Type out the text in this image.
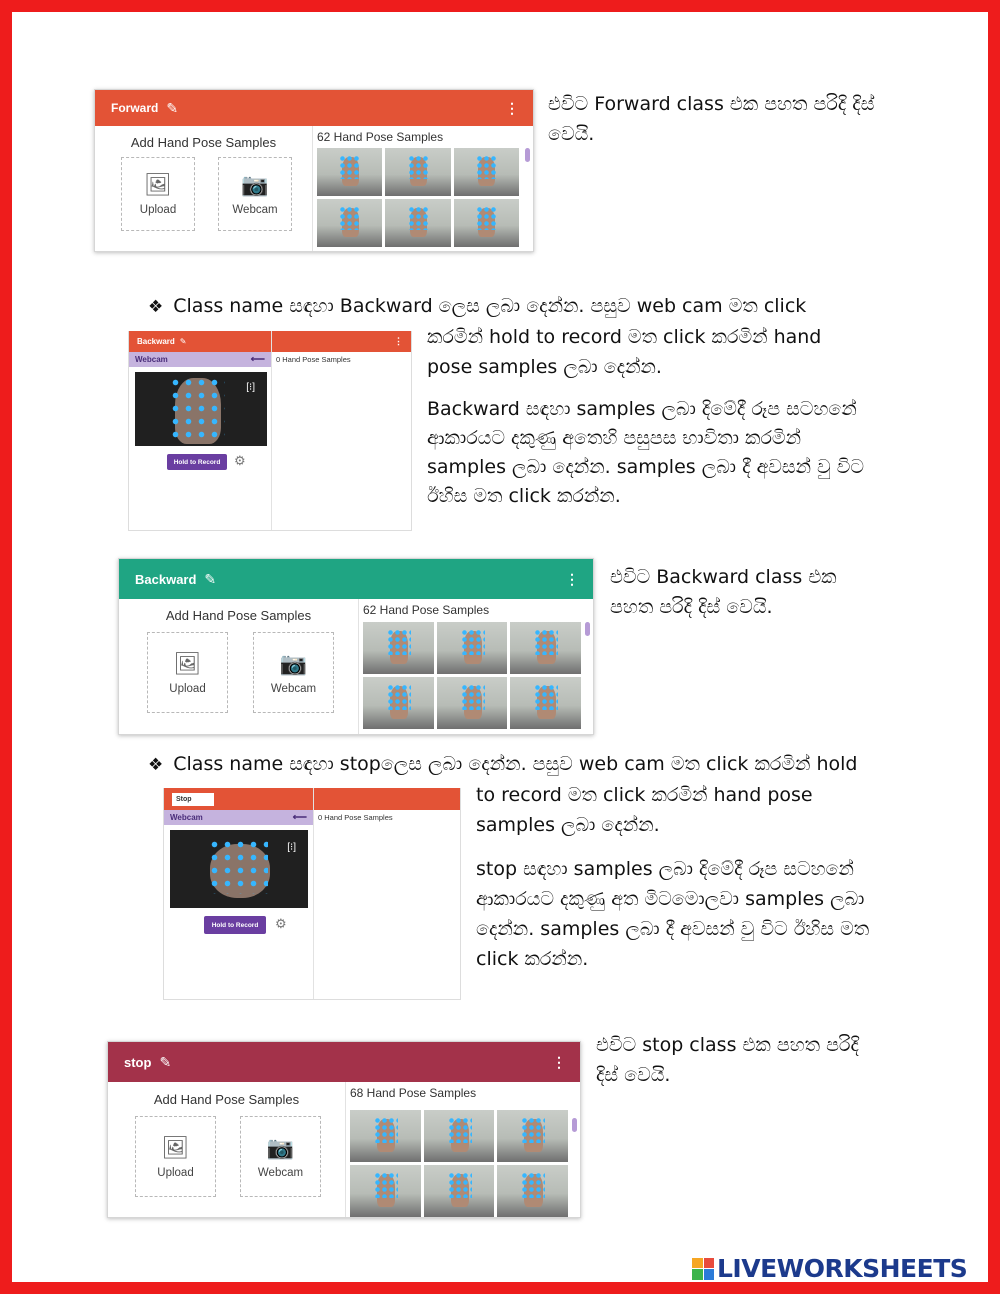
Forward ✎	⋮
Add Hand Pose Samples
🖼
Upload
📷
Webcam
62 Hand Pose Samples
එවිට Forward class එක පහත පරිදි දිස් වෙයි.
❖ Class name සඳහා Backward ලෙස ලබා දෙන්න. පසුව web cam මත click
Backward ✎	⋮
Webcam	⟵ 0 Hand Pose Samples
[⁝]
Hold to Record	⚙
කරමින් hold to record මත click කරමින් hand pose samples ලබා දෙන්න.
Backward සඳහා samples ලබා දිමේදී රූප සටහනේ ආකාරයට දකුණු අතෙහි පසුපස භාවිතා කරමින් samples ලබා දෙන්න. samples ලබා දී අවසන් වු විට ඊහිස මත click කරන්න.
Backward ✎	⋮
Add Hand Pose Samples
🖼
Upload
📷
Webcam
62 Hand Pose Samples
එවිට Backward class එක පහත පරිදි දිස් වෙයි.
❖ Class name සඳහා stopලෙස ලබා දෙන්න. පසුව web cam මත click කරමින් hold
Stop
Webcam	⟵ 0 Hand Pose Samples
[⁝]
Hold to Record	⚙
to record මත click කරමින් hand pose samples ලබා දෙන්න.
stop සඳහා samples ලබා දිමේදී රූප සටහනේ ආකාරයට දකුණු අත මිටමොලවා samples ලබා දෙන්න. samples ලබා දී අවසන් වු විට ඊහිස මත click කරන්න.
stop ✎	⋮
Add Hand Pose Samples
🖼
Upload
📷
Webcam
68 Hand Pose Samples
එවිට stop class එක පහත පරිදි දිස් වෙයි.
LIVEWORKSHEETS
